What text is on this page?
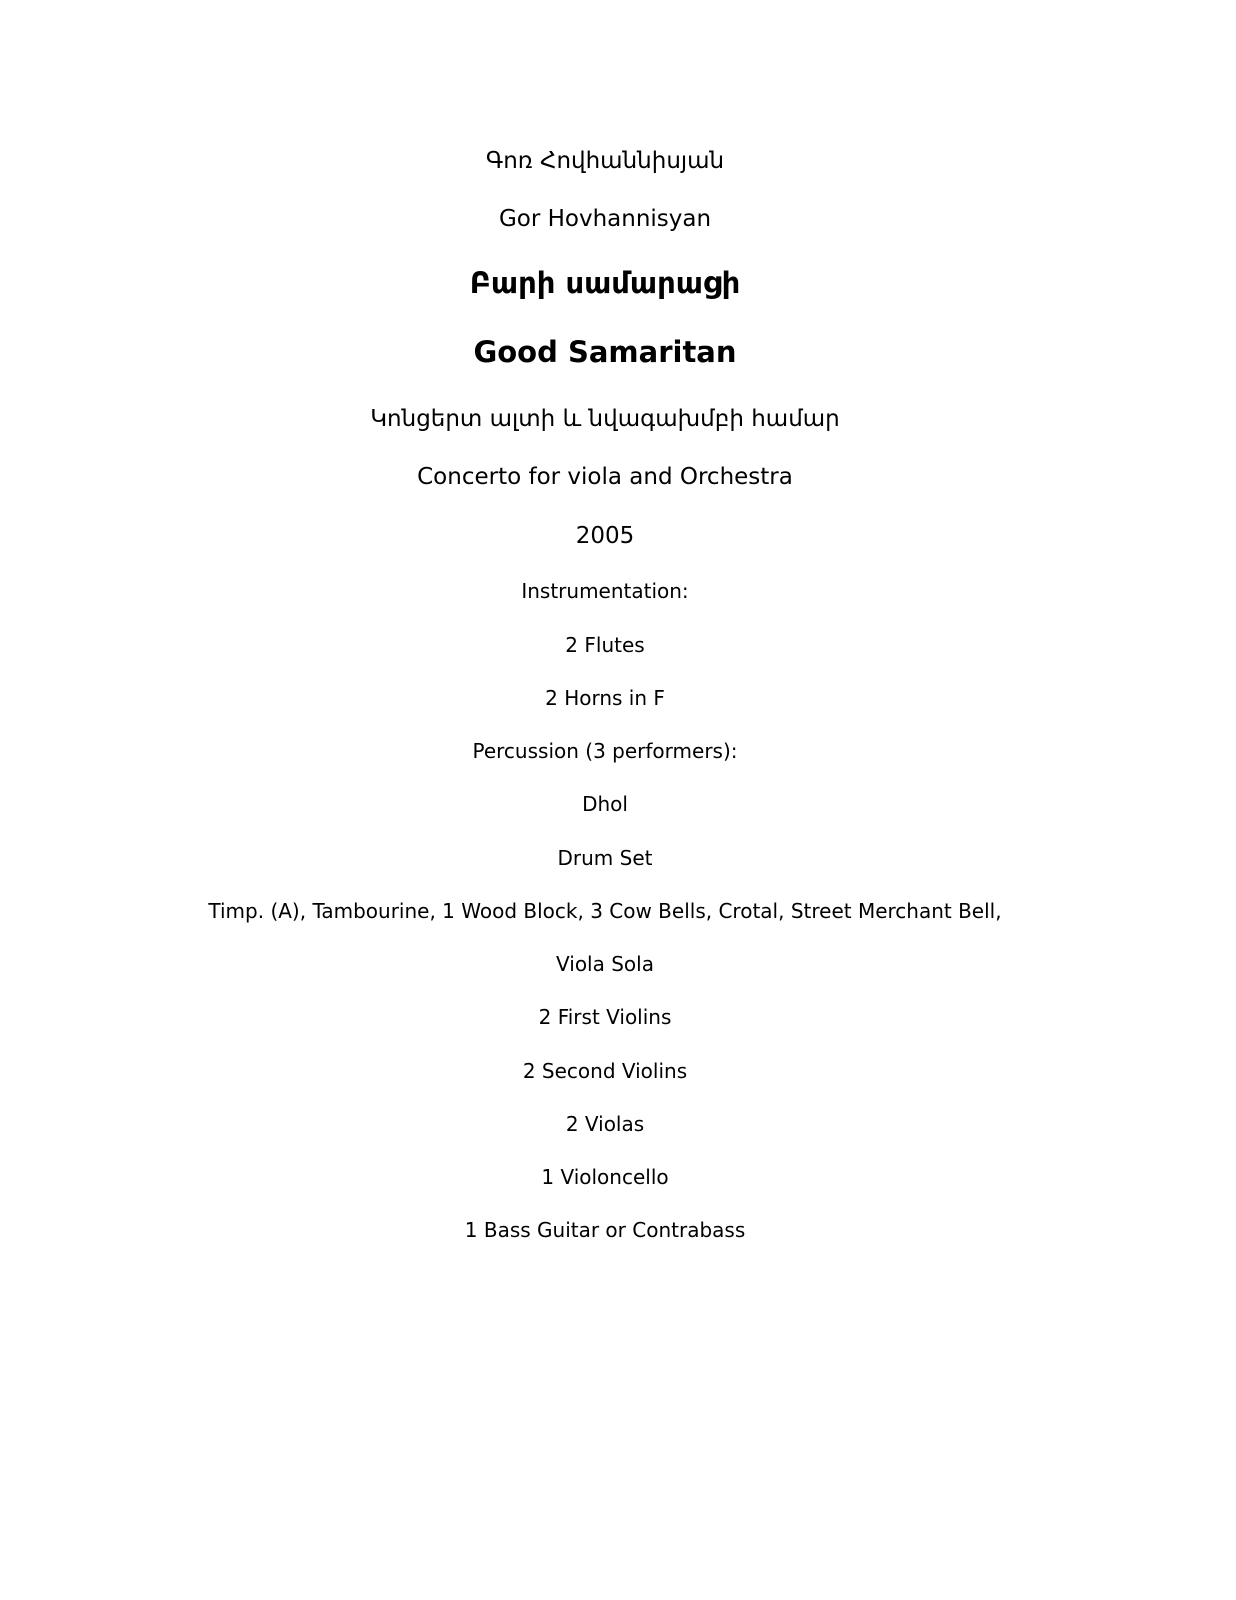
Գոռ Հովհաննիսյան
Gor Hovhannisyan
Բարի սամարացի
Good Samaritan
Կոնցերտ ալտի և նվագախմբի համար
Concerto for viola and Orchestra
2005
Instrumentation:
2 Flutes
2 Horns in F
Percussion (3 performers):
Dhol
Drum Set
Timp. (A), Tambourine, 1 Wood Block, 3 Cow Bells, Crotal, Street Merchant Bell,
Viola Sola
2 First Violins
2 Second Violins
2 Violas
1 Violoncello
1 Bass Guitar or Contrabass
